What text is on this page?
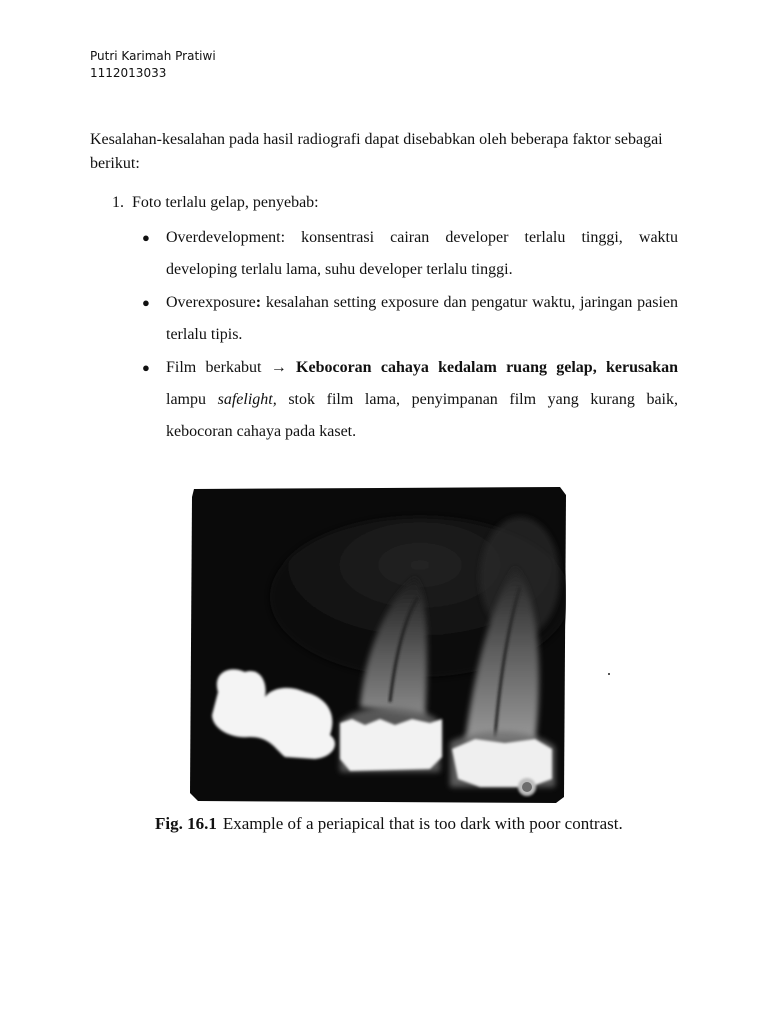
Putri Karimah Pratiwi
1112013033
Kesalahan-kesalahan pada hasil radiografi dapat disebabkan oleh beberapa faktor sebagai berikut:
1. Foto terlalu gelap, penyebab:
● Overdevelopment: konsentrasi cairan developer terlalu tinggi, waktu developing terlalu lama, suhu developer terlalu tinggi.
● Overexposure: kesalahan setting exposure dan pengatur waktu, jaringan pasien terlalu tipis.
● Film berkabut → Kebocoran cahaya kedalam ruang gelap, kerusakan lampu safelight, stok film lama, penyimpanan film yang kurang baik, kebocoran cahaya pada kaset.
Fig. 16.1 Example of a periapical that is too dark with poor contrast.
